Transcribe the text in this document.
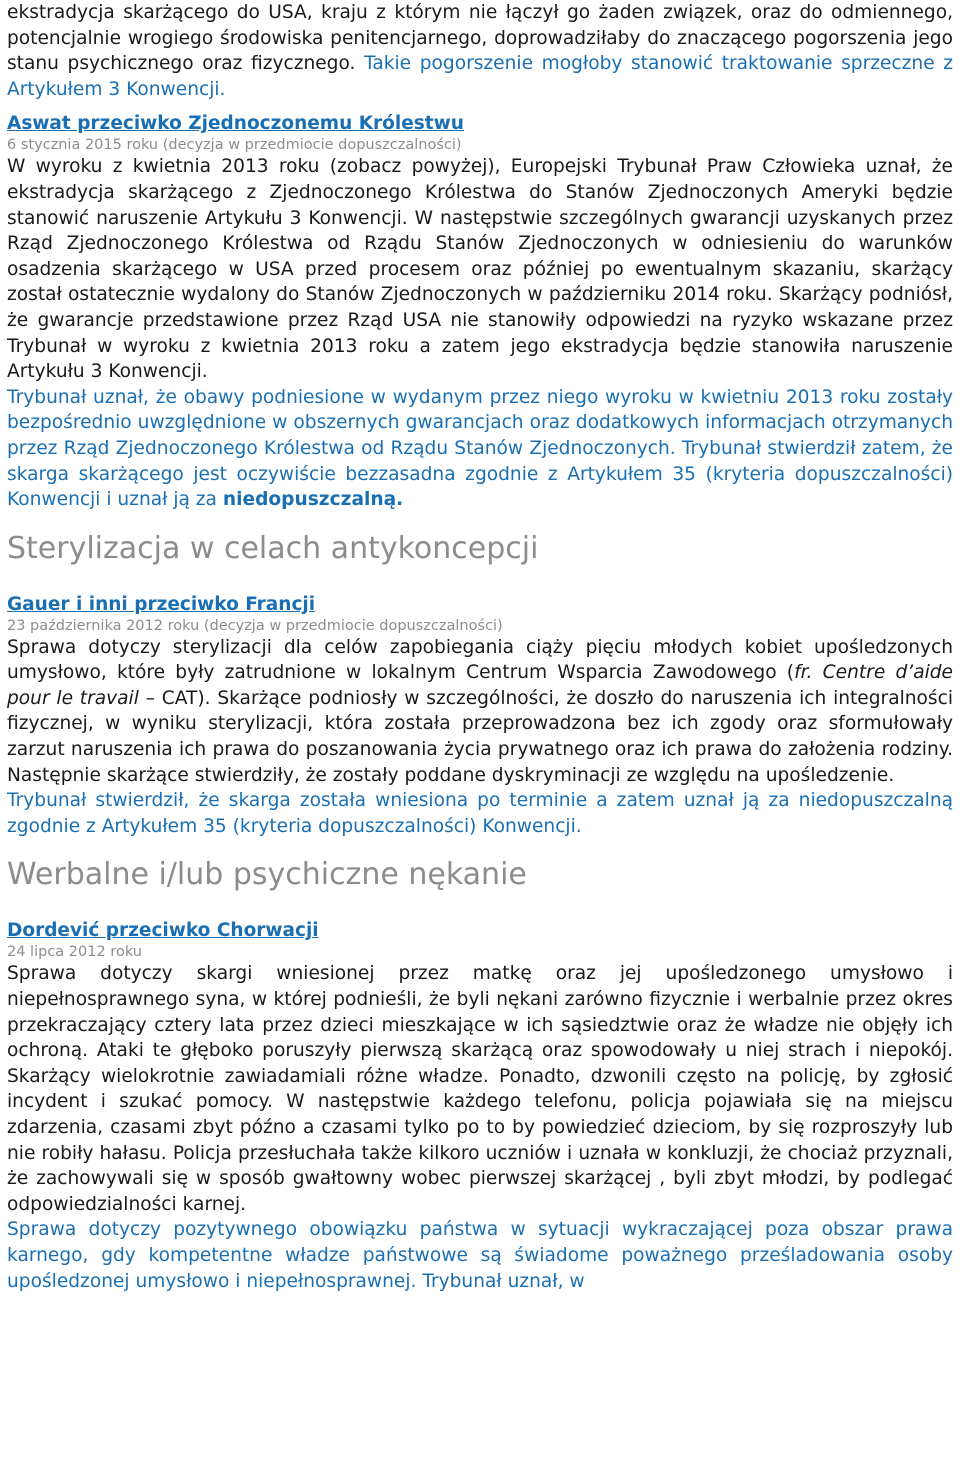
ekstradycja skarżącego do USA, kraju z którym nie łączył go żaden związek, oraz do odmiennego, potencjalnie wrogiego środowiska penitencjarnego, doprowadziłaby do znaczącego pogorszenia jego stanu psychicznego oraz fizycznego. Takie pogorszenie mogłoby stanowić traktowanie sprzeczne z Artykułem 3 Konwencji.

Aswat przeciwko Zjednoczonemu Królestwu
6 stycznia 2015 roku (decyzja w przedmiocie dopuszczalności)

W wyroku z kwietnia 2013 roku (zobacz powyżej), Europejski Trybunał Praw Człowieka uznał, że ekstradycja skarżącego z Zjednoczonego Królestwa do Stanów Zjednoczonych Ameryki będzie stanowić naruszenie Artykułu 3 Konwencji. W następstwie szczególnych gwarancji uzyskanych przez Rząd Zjednoczonego Królestwa od Rządu Stanów Zjednoczonych w odniesieniu do warunków osadzenia skarżącego w USA przed procesem oraz później po ewentualnym skazaniu, skarżący został ostatecznie wydalony do Stanów Zjednoczonych w październiku 2014 roku. Skarżący podniósł, że gwarancje przedstawione przez Rząd USA nie stanowiły odpowiedzi na ryzyko wskazane przez Trybunał w wyroku z kwietnia 2013 roku a zatem jego ekstradycja będzie stanowiła naruszenie Artykułu 3 Konwencji.

Trybunał uznał, że obawy podniesione w wydanym przez niego wyroku w kwietniu 2013 roku zostały bezpośrednio uwzględnione w obszernych gwarancjach oraz dodatkowych informacjach otrzymanych przez Rząd Zjednoczonego Królestwa od Rządu Stanów Zjednoczonych. Trybunał stwierdził zatem, że skarga skarżącego jest oczywiście bezzasadna zgodnie z Artykułem 35 (kryteria dopuszczalności) Konwencji i uznał ją za niedopuszczalną.

Sterylizacja w celach antykoncepcji
Gauer i inni przeciwko Francji
23 października 2012 roku (decyzja w przedmiocie dopuszczalności)

Sprawa dotyczy sterylizacji dla celów zapobiegania ciąży pięciu młodych kobiet upośledzonych umysłowo, które były zatrudnione w lokalnym Centrum Wsparcia Zawodowego (fr. Centre d’aide pour le travail – CAT). Skarżące podniosły w szczególności, że doszło do naruszenia ich integralności fizycznej, w wyniku sterylizacji, która została przeprowadzona bez ich zgody oraz sformułowały zarzut naruszenia ich prawa do poszanowania życia prywatnego oraz ich prawa do założenia rodziny. Następnie skarżące stwierdziły, że zostały poddane dyskryminacji ze względu na upośledzenie.

Trybunał stwierdził, że skarga została wniesiona po terminie a zatem uznał ją za niedopuszczalną zgodnie z Artykułem 35 (kryteria dopuszczalności) Konwencji.

Werbalne i/lub psychiczne nękanie
Dordević przeciwko Chorwacji
24 lipca 2012 roku

Sprawa dotyczy skargi wniesionej przez matkę oraz jej upośledzonego umysłowo i niepełnosprawnego syna, w której podnieśli, że byli nękani zarówno fizycznie i werbalnie przez okres przekraczający cztery lata przez dzieci mieszkające w ich sąsiedztwie oraz że władze nie objęły ich ochroną. Ataki te głęboko poruszyły pierwszą skarżącą oraz spowodowały u niej strach i niepokój. Skarżący wielokrotnie zawiadamiali różne władze. Ponadto, dzwonili często na policję, by zgłosić incydent i szukać pomocy. W następstwie każdego telefonu, policja pojawiała się na miejscu zdarzenia, czasami zbyt późno a czasami tylko po to by powiedzieć dzieciom, by się rozproszyły lub nie robiły hałasu. Policja przesłuchała także kilkoro uczniów i uznała w konkluzji, że chociaż przyznali, że zachowywali się w sposób gwałtowny wobec pierwszej skarżącej , byli zbyt młodzi, by podlegać odpowiedzialności karnej.

Sprawa dotyczy pozytywnego obowiązku państwa w sytuacji wykraczającej poza obszar prawa karnego, gdy kompetentne władze państwowe są świadome poważnego prześladowania osoby upośledzonej umysłowo i niepełnosprawnej. Trybunał uznał, w
